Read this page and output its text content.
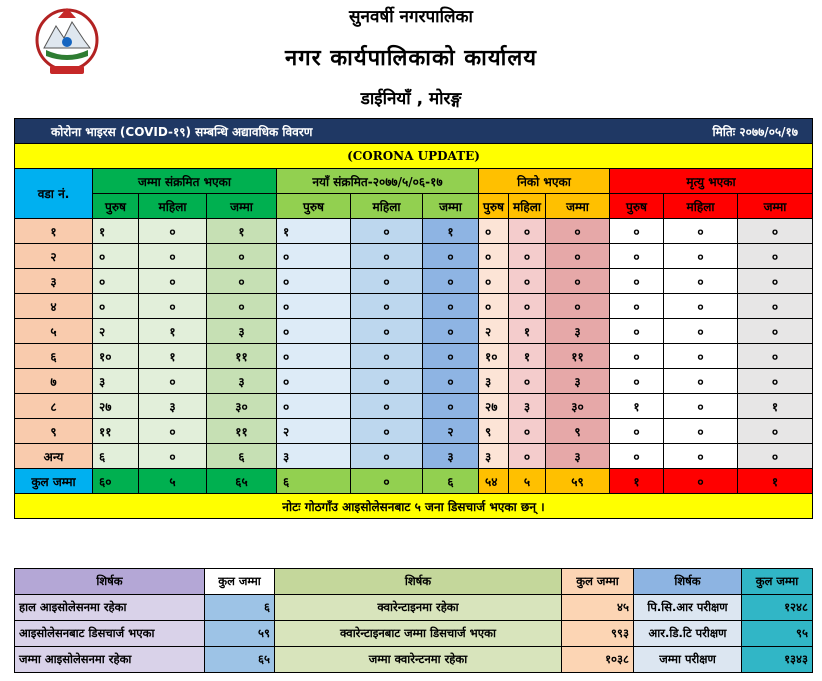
सुनवर्षी नगरपालिका
नगर कार्यपालिकाको कार्यालय
डाईनियाँ , मोरङ्ग
कोरोना भाइरस (COVID-१९) सम्बन्धि अद्यावधिक विवरण मितिः २०७७/०५/१७												

(CORONA UPDATE)												
वडा नं.	जम्मा संक्रमित भएका			नयाँ संक्रमित-२०७७/५/०६-१७			निको भएका			मृत्यु भएका		
	पुरुष	महिला	जम्मा	पुरुष	महिला	जम्मा	पुरुष	महिला	जम्मा	पुरुष	महिला	जम्मा
१	१	०	१	१	०	१	०	०	०	०	०	०
२	०	०	०	०	०	०	०	०	०	०	०	०
३	०	०	०	०	०	०	०	०	०	०	०	०
४	०	०	०	०	०	०	०	०	०	०	०	०
५	२	१	३	०	०	०	२	१	३	०	०	०
६	१०	१	११	०	०	०	१०	१	११	०	०	०
७	३	०	३	०	०	०	३	०	३	०	०	०
८	२७	३	३०	०	०	०	२७	३	३०	१	०	१
९	११	०	११	२	०	२	९	०	९	०	०	०
अन्य	६	०	६	३	०	३	३	०	३	०	०	०
कुल जम्मा	६०	५	६५	६	०	६	५४	५	५९	१	०	१
नोटः गोठगाँउ आइसोलेसनबाट ५ जना डिसचार्ज भएका छन् ।												
शिर्षक	कुल जम्मा	शिर्षक	कुल जम्मा	शिर्षक	कुल जम्मा
हाल आइसोलेसनमा रहेका	६	क्वारेन्टाइनमा रहेका	४५	पि.सि.आर परीक्षण	१२४८
आइसोलेसनबाट डिसचार्ज भएका	५९	क्वारेन्टाइनबाट जम्मा डिसचार्ज भएका	९९३	आर.डि.टि परीक्षण	९५
जम्मा आइसोलेसनमा रहेका	६५	जम्मा क्वारेन्टनमा रहेका	१०३८	जम्मा परीक्षण	१३४३
